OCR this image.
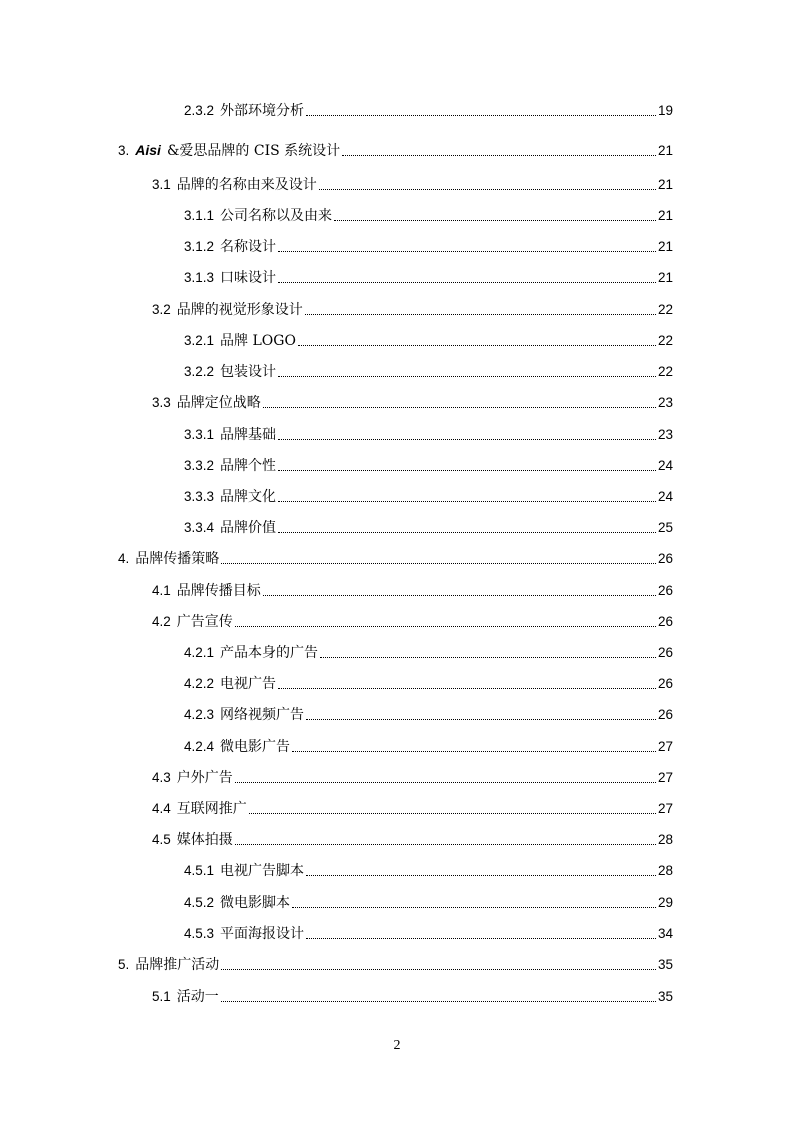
2.3.2 外部环境分析	19
3. Aisi &爱思品牌的 CIS 系统设计	21
3.1 品牌的名称由来及设计	21
3.1.1 公司名称以及由来	21
3.1.2 名称设计	21
3.1.3 口味设计	21
3.2 品牌的视觉形象设计	22
3.2.1 品牌 LOGO	22
3.2.2 包装设计	22
3.3 品牌定位战略	23
3.3.1 品牌基础	23
3.3.2 品牌个性	24
3.3.3 品牌文化	24
3.3.4 品牌价值	25
4. 品牌传播策略	26
4.1 品牌传播目标	26
4.2 广告宣传	26
4.2.1 产品本身的广告	26
4.2.2 电视广告	26
4.2.3 网络视频广告	26
4.2.4 微电影广告	27
4.3 户外广告	27
4.4 互联网推广	27
4.5 媒体拍摄	28
4.5.1 电视广告脚本	28
4.5.2 微电影脚本	29
4.5.3 平面海报设计	34
5. 品牌推广活动	35
5.1 活动一	35
2
